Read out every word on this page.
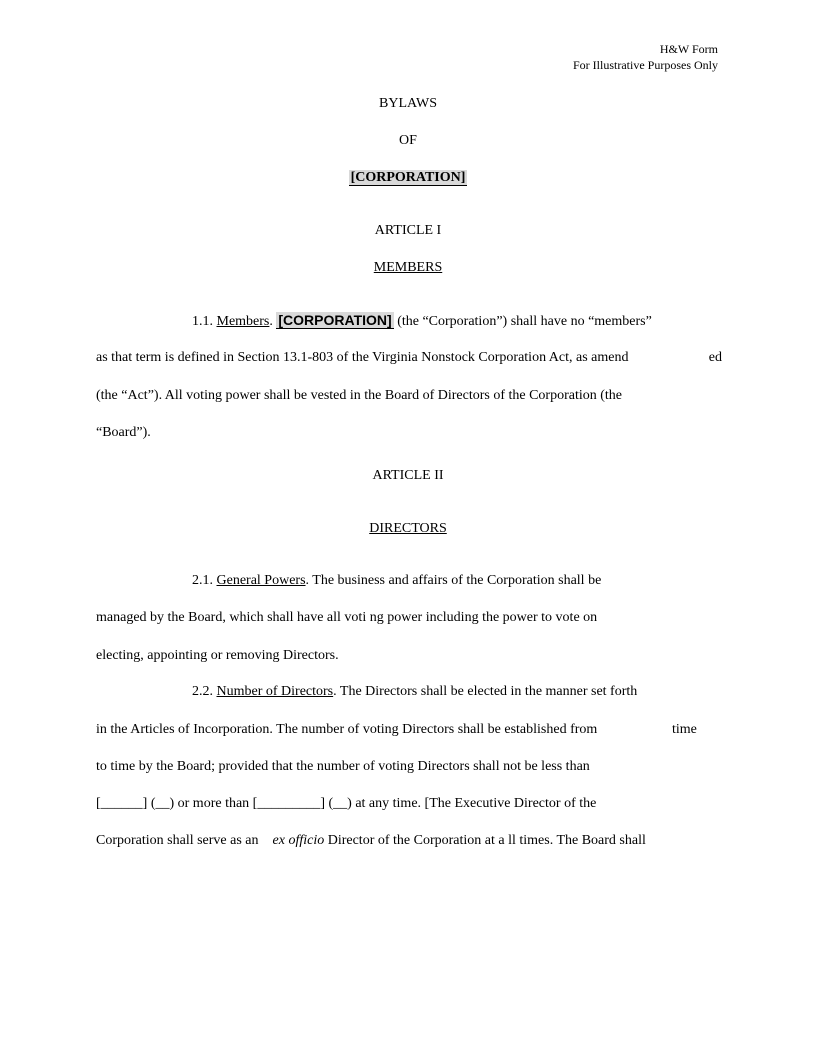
H&W Form
For Illustrative Purposes Only
BYLAWS
OF
[CORPORATION]
ARTICLE I
MEMBERS
1.1. Members. [CORPORATION] (the “Corporation”) shall have no “members”
as that term is defined in Section 13.1-803 of the Virginia Nonstock Corporation Act, as amend	ed
(the “Act”). All voting power shall be vested in the Board of Directors of the Corporation (the
“Board”).
ARTICLE II
DIRECTORS
2.1. General Powers. The business and affairs of the Corporation shall be
managed by the Board, which shall have all voti ng power including the power to vote on
electing, appointing or removing Directors.
2.2. Number of Directors. The Directors shall be elected in the manner set forth
in the Articles of Incorporation. The number of voting Directors shall be established from	time
to time by the Board; provided that the number of voting Directors shall not be less than
[______] (__) or more than [_________] (__) at any time. [The Executive Director of the
Corporation shall serve as an ex officio Director of the Corporation at a ll times. The Board shall
